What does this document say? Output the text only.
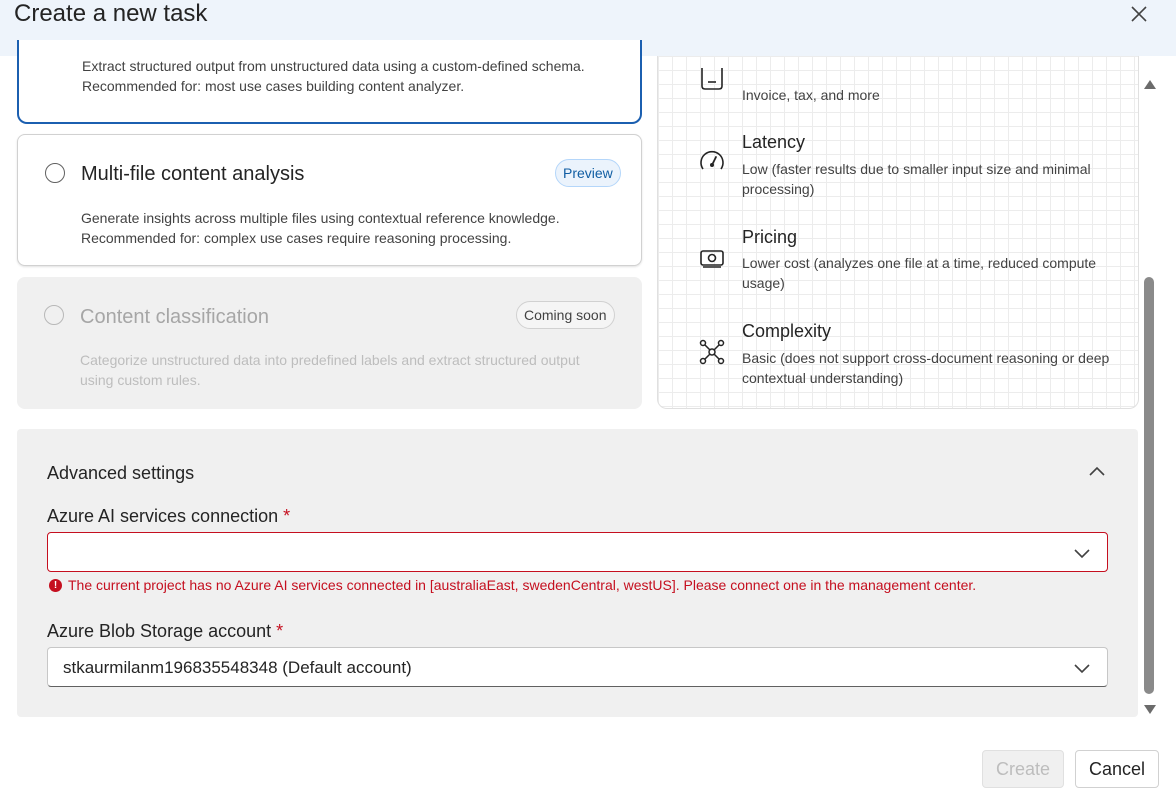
Create a new task
Extract structured output from unstructured data using a custom-defined schema.
Recommended for: most use cases building content analyzer.
Multi-file content analysis	Preview
Generate insights across multiple files using contextual reference knowledge.
Recommended for: complex use cases require reasoning processing.
Content classification	Coming soon
Categorize unstructured data into predefined labels and extract structured output
using custom rules.
Invoice, tax, and more
Latency
Low (faster results due to smaller input size and minimal processing)
Pricing
Lower cost (analyzes one file at a time, reduced compute usage)
Complexity
Basic (does not support cross-document reasoning or deep contextual understanding)
Advanced settings
Azure AI services connection *
! The current project has no Azure AI services connected in [australiaEast, swedenCentral, westUS]. Please connect one in the management center.
Azure Blob Storage account *
stkaurmilanm196835548348 (Default account)
Create	Cancel
